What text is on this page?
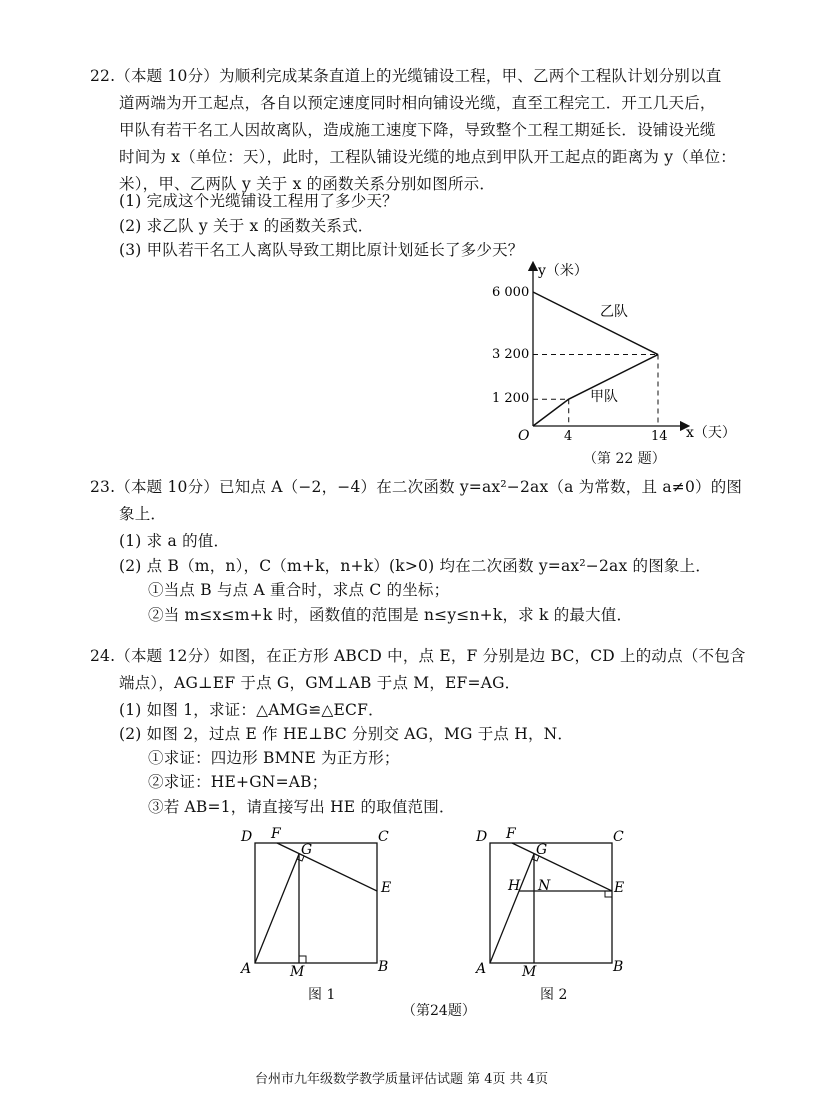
22.（本题 10分）为顺利完成某条直道上的光缆铺设工程，甲、乙两个工程队计划分别以直
道两端为开工起点，各自以预定速度同时相向铺设光缆，直至工程完工．开工几天后，
甲队有若干名工人因故离队，造成施工速度下降，导致整个工程工期延长．设铺设光缆
时间为 x（单位：天），此时，工程队铺设光缆的地点到甲队开工起点的距离为 y（单位：
米），甲、乙两队 y 关于 x 的函数关系分别如图所示．
(1) 完成这个光缆铺设工程用了多少天？
(2) 求乙队 y 关于 x 的函数关系式．
(3) 甲队若干名工人离队导致工期比原计划延长了多少天？
y（米）
x（天）
O
6 000
3 200
1 200
4	14
乙队
甲队
（第 22 题）
23.（本题 10分）已知点 A（−2，−4）在二次函数 y=ax²−2ax（a 为常数，且 a≠0）的图
象上．
(1) 求 a 的值．
(2) 点 B（m，n），C（m+k，n+k）(k>0) 均在二次函数 y=ax²−2ax 的图象上．
①当点 B 与点 A 重合时，求点 C 的坐标；
②当 m≤x≤m+k 时，函数值的范围是 n≤y≤n+k，求 k 的最大值．
24.（本题 12分）如图，在正方形 ABCD 中，点 E，F 分别是边 BC，CD 上的动点（不包含
端点），AG⊥EF 于点 G，GM⊥AB 于点 M，EF=AG．
(1) 如图 1，求证：△AMG≌△ECF．
(2) 如图 2，过点 E 作 HE⊥BC 分别交 AG，MG 于点 H，N．
①求证：四边形 BMNE 为正方形；
②求证：HE+GN=AB；
③若 AB=1，请直接写出 HE 的取值范围．
D F	C
G
E
A	M	B
图 1
D F	C
G
H N	E
A	M	B
图 2
（第24题）
台州市九年级数学教学质量评估试题 第 4页 共 4页
